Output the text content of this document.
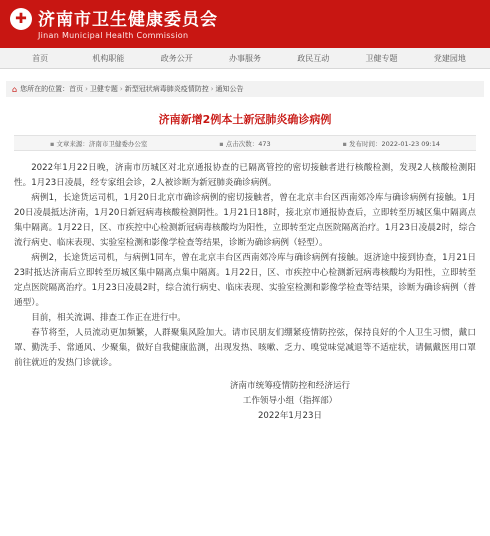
✚ 济南市卫生健康委员会
Jinan Municipal Health Commission
首页	机构职能	政务公开	办事服务	政民互动	卫健专题	党建园地
⌂ 您所在的位置： 首页 › 卫健专题 › 新型冠状病毒肺炎疫情防控 › 通知公告
济南新增2例本土新冠肺炎确诊病例
▪ 文章来源：济南市卫健委办公室	▪ 点击次数：473	▪ 发布时间：2022-01-23 09:14

2022年1月22日晚，济南市历城区对北京通报协查的已隔离管控的密切接触者进行核酸检测，发现2人核酸检测阳性。1月23日凌晨，经专家组会诊，2人被诊断为新冠肺炎确诊病例。

病例1，长途货运司机，1月20日北京市确诊病例的密切接触者，曾在北京丰台区西南郊冷库与确诊病例有接触。1月20日凌晨抵达济南，1月20日新冠病毒核酸检测阴性。1月21日18时，接北京市通报协查后，立即转至历城区集中隔离点集中隔离。1月22日，区、市疾控中心检测新冠病毒核酸均为阳性，立即转至定点医院隔离治疗。1月23日凌晨2时，综合流行病史、临床表现、实验室检测和影像学检查等结果，诊断为确诊病例（轻型）。

病例2，长途货运司机，与病例1同车，曾在北京丰台区西南郊冷库与确诊病例有接触。返济途中接到协查，1月21日23时抵达济南后立即转至历城区集中隔离点集中隔离。1月22日，区、市疾控中心检测新冠病毒核酸均为阳性，立即转至定点医院隔离治疗。1月23日凌晨2时，综合流行病史、临床表现、实验室检测和影像学检查等结果，诊断为确诊病例（普通型）。

目前，相关流调、排查工作正在进行中。

春节将至，人员流动更加频繁，人群聚集风险加大。请市民朋友们绷紧疫情防控弦，保持良好的个人卫生习惯，戴口罩、勤洗手、常通风、少聚集，做好自我健康监测，出现发热、咳嗽、乏力、嗅觉味觉减退等不适症状，请佩戴医用口罩前往就近的发热门诊就诊。

济南市统筹疫情防控和经济运行
工作领导小组（指挥部）
2022年1月23日
